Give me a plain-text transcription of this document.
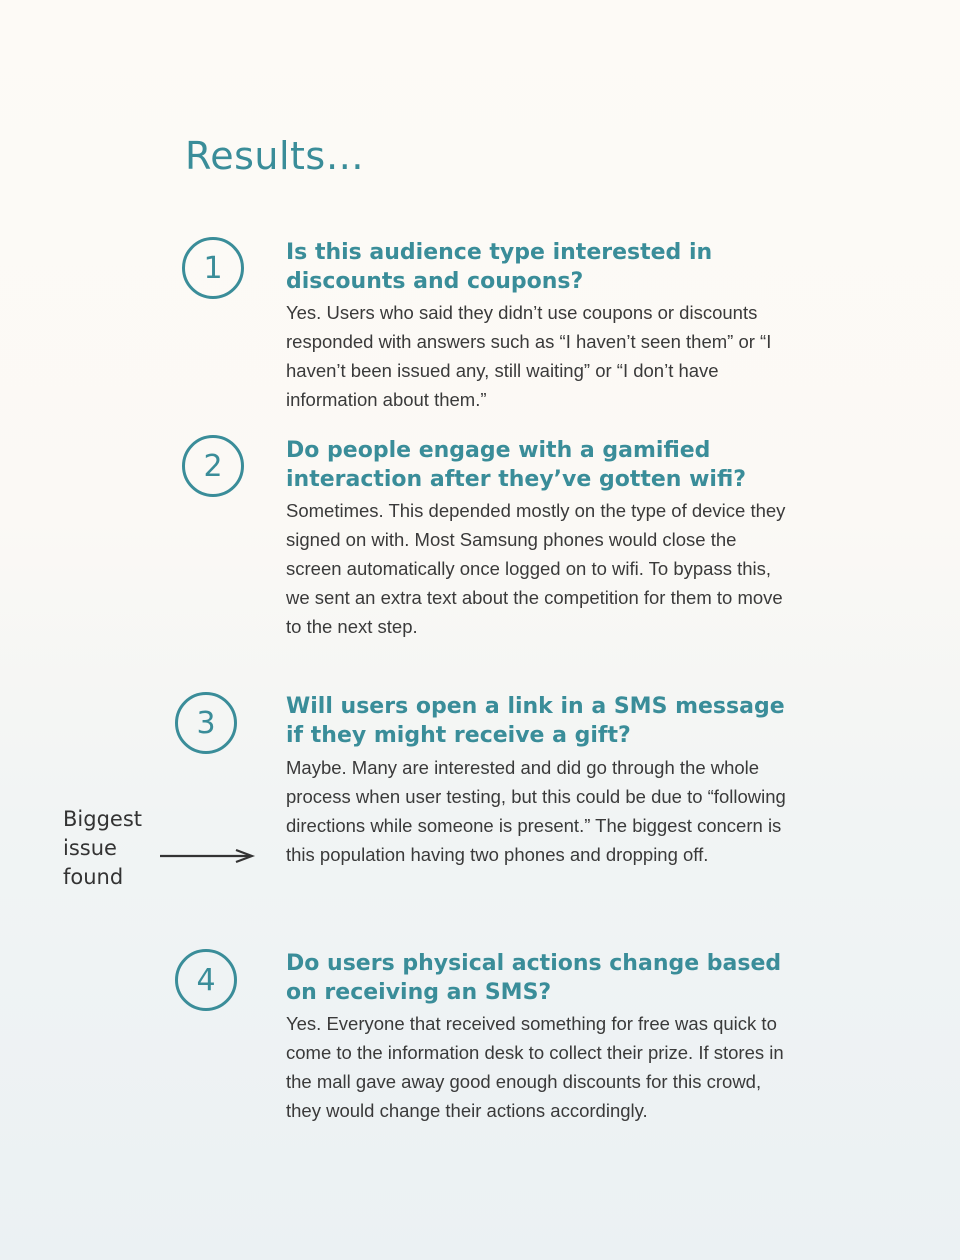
Results…
1	Is this audience type interested in discounts and coupons?

Yes. Users who said they didn’t use coupons or discounts responded with answers such as “I haven’t seen them” or “I haven’t been issued any, still waiting” or “I don’t have information about them.”

2	Do people engage with a gamified interaction after they’ve gotten wifi?

Sometimes. This depended mostly on the type of device they signed on with. Most Samsung phones would close the screen automatically once logged on to wifi. To bypass this, we sent an extra text about the competition for them to move to the next step.

3	Will users open a link in a SMS message if they might receive a gift?

Maybe. Many are interested and did go through the whole process when user testing, but this could be due to “following directions while someone is present.” The biggest concern is this population having two phones and dropping off.

4	Do users physical actions change based on receiving an SMS?

Yes. Everyone that received something for free was quick to come to the information desk to collect their prize. If stores in the mall gave away good enough discounts for this crowd, they would change their actions accordingly.

Biggest
issue
found
